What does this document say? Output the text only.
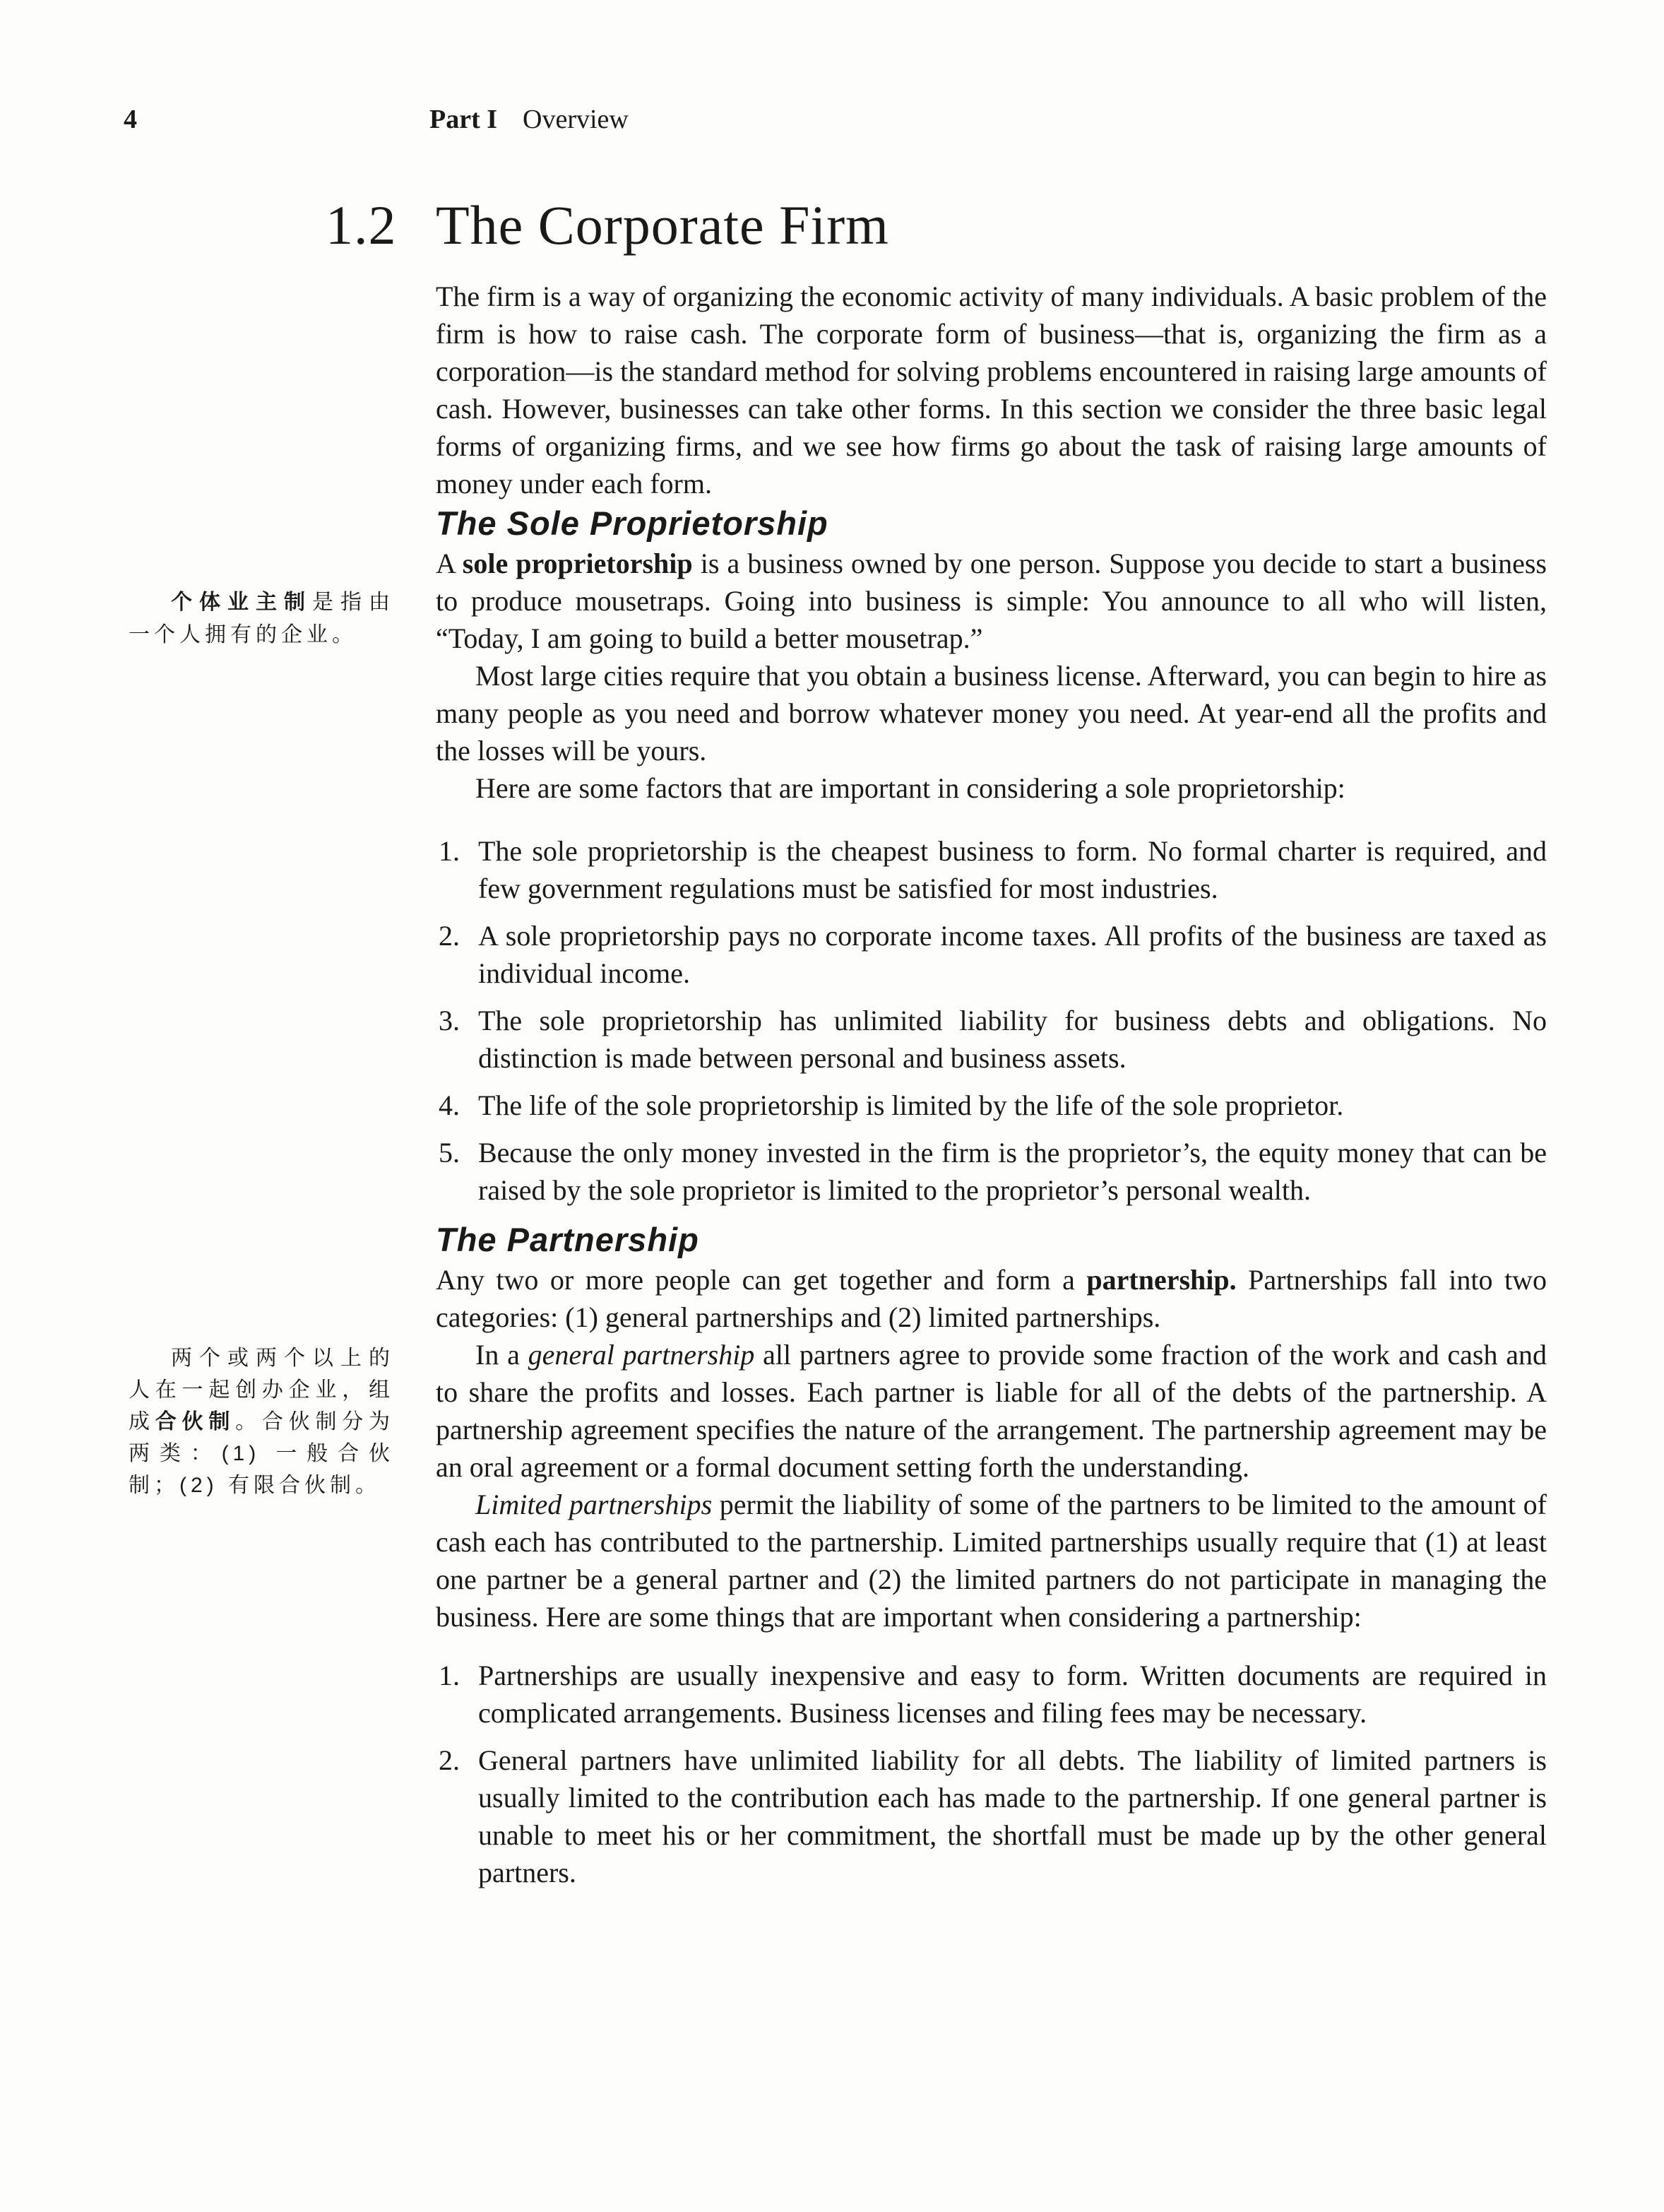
4	Part I Overview
个体业主制是指由一个人拥有的企业。
两个或两个以上的人在一起创办企业，组成合伙制。合伙制分为两类：(1) 一般合伙制；(2) 有限合伙制。
1.2 The Corporate Firm

The firm is a way of organizing the economic activity of many individuals. A basic problem of the firm is how to raise cash. The corporate form of business—that is, organizing the firm as a corporation—is the standard method for solving problems encountered in raising large amounts of cash. However, businesses can take other forms. In this section we consider the three basic legal forms of organizing firms, and we see how firms go about the task of raising large amounts of money under each form.

The Sole Proprietorship

A sole proprietorship is a business owned by one person. Suppose you decide to start a business to produce mousetraps. Going into business is simple: You announce to all who will listen, “Today, I am going to build a better mousetrap.”

Most large cities require that you obtain a business license. Afterward, you can begin to hire as many people as you need and borrow whatever money you need. At year-end all the profits and the losses will be yours.

Here are some factors that are important in considering a sole proprietorship:

1. The sole proprietorship is the cheapest business to form. No formal charter is required, and few government regulations must be satisfied for most industries.
2. A sole proprietorship pays no corporate income taxes. All profits of the business are taxed as individual income.
3. The sole proprietorship has unlimited liability for business debts and obligations. No distinction is made between personal and business assets.
4. The life of the sole proprietorship is limited by the life of the sole proprietor.
5. Because the only money invested in the firm is the proprietor’s, the equity money that can be raised by the sole proprietor is limited to the proprietor’s personal wealth.
The Partnership

Any two or more people can get together and form a partnership. Partnerships fall into two categories: (1) general partnerships and (2) limited partnerships.

In a general partnership all partners agree to provide some fraction of the work and cash and to share the profits and losses. Each partner is liable for all of the debts of the partnership. A partnership agreement specifies the nature of the arrangement. The partnership agreement may be an oral agreement or a formal document setting forth the understanding.

Limited partnerships permit the liability of some of the partners to be limited to the amount of cash each has contributed to the partnership. Limited partnerships usually require that (1) at least one partner be a general partner and (2) the limited partners do not participate in managing the business. Here are some things that are important when considering a partnership:

1. Partnerships are usually inexpensive and easy to form. Written documents are required in complicated arrangements. Business licenses and filing fees may be necessary.
2. General partners have unlimited liability for all debts. The liability of limited partners is usually limited to the contribution each has made to the partnership. If one general partner is unable to meet his or her commitment, the shortfall must be made up by the other general partners.
